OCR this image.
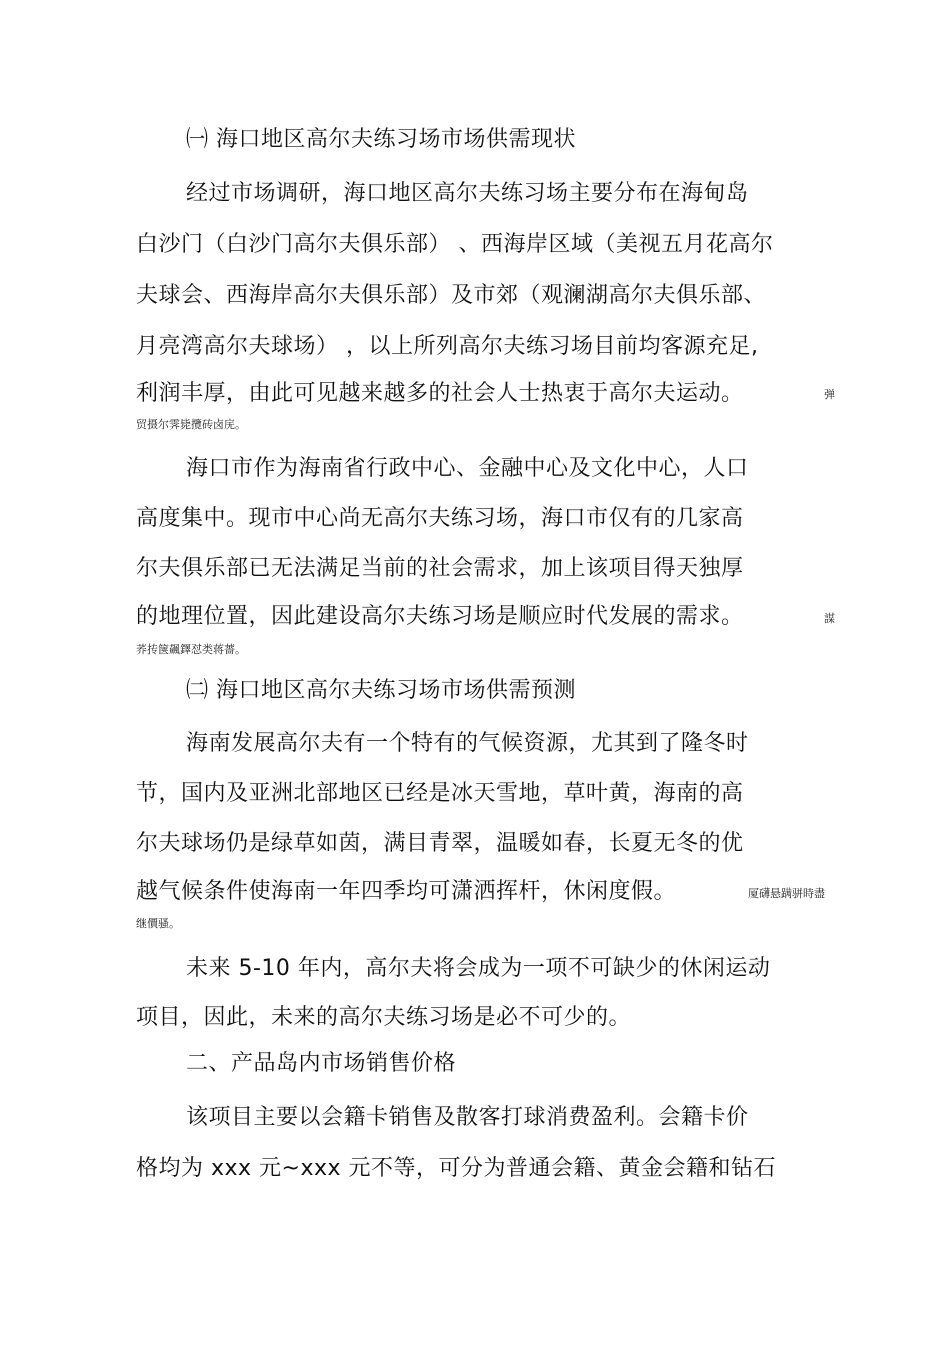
㈠ 海口地区高尔夫练习场市场供需现状
经过市场调研，海口地区高尔夫练习场主要分布在海甸岛
白沙门（白沙门高尔夫俱乐部） 、西海岸区域（美视五月花高尔
夫球会、西海岸高尔夫俱乐部）及市郊（观澜湖高尔夫俱乐部、
月亮湾高尔夫球场） ，以上所列高尔夫练习场目前均客源充足,
利润丰厚，由此可见越来越多的社会人士热衷于高尔夫运动。	弹
贸摄尔霁毙攬砖卤庑。
海口市作为海南省行政中心、金融中心及文化中心，人口
高度集中。现市中心尚无高尔夫练习场，海口市仅有的几家高
尔夫俱乐部已无法满足当前的社会需求，加上该项目得天独厚
的地理位置，因此建设高尔夫练习场是顺应时代发展的需求。	謀
荞抟箧飆鐸怼类蒋薔。
㈡ 海口地区高尔夫练习场市场供需预测
海南发展高尔夫有一个特有的气候资源，尤其到了隆冬时
节，国内及亚洲北部地区已经是冰天雪地，草叶黄，海南的高
尔夫球场仍是绿草如茵，满目青翠，温暖如春，长夏无冬的优
越气候条件使海南一年四季均可潇洒挥杆，休闲度假。	厦礴悬蹒骈時盡
继價骚。
未来 5-10 年内，高尔夫将会成为一项不可缺少的休闲运动
项目，因此，未来的高尔夫练习场是必不可少的。
二、产品岛内市场销售价格
该项目主要以会籍卡销售及散客打球消费盈利。会籍卡价
格均为 xxx 元~xxx 元不等，可分为普通会籍、黄金会籍和钻石
